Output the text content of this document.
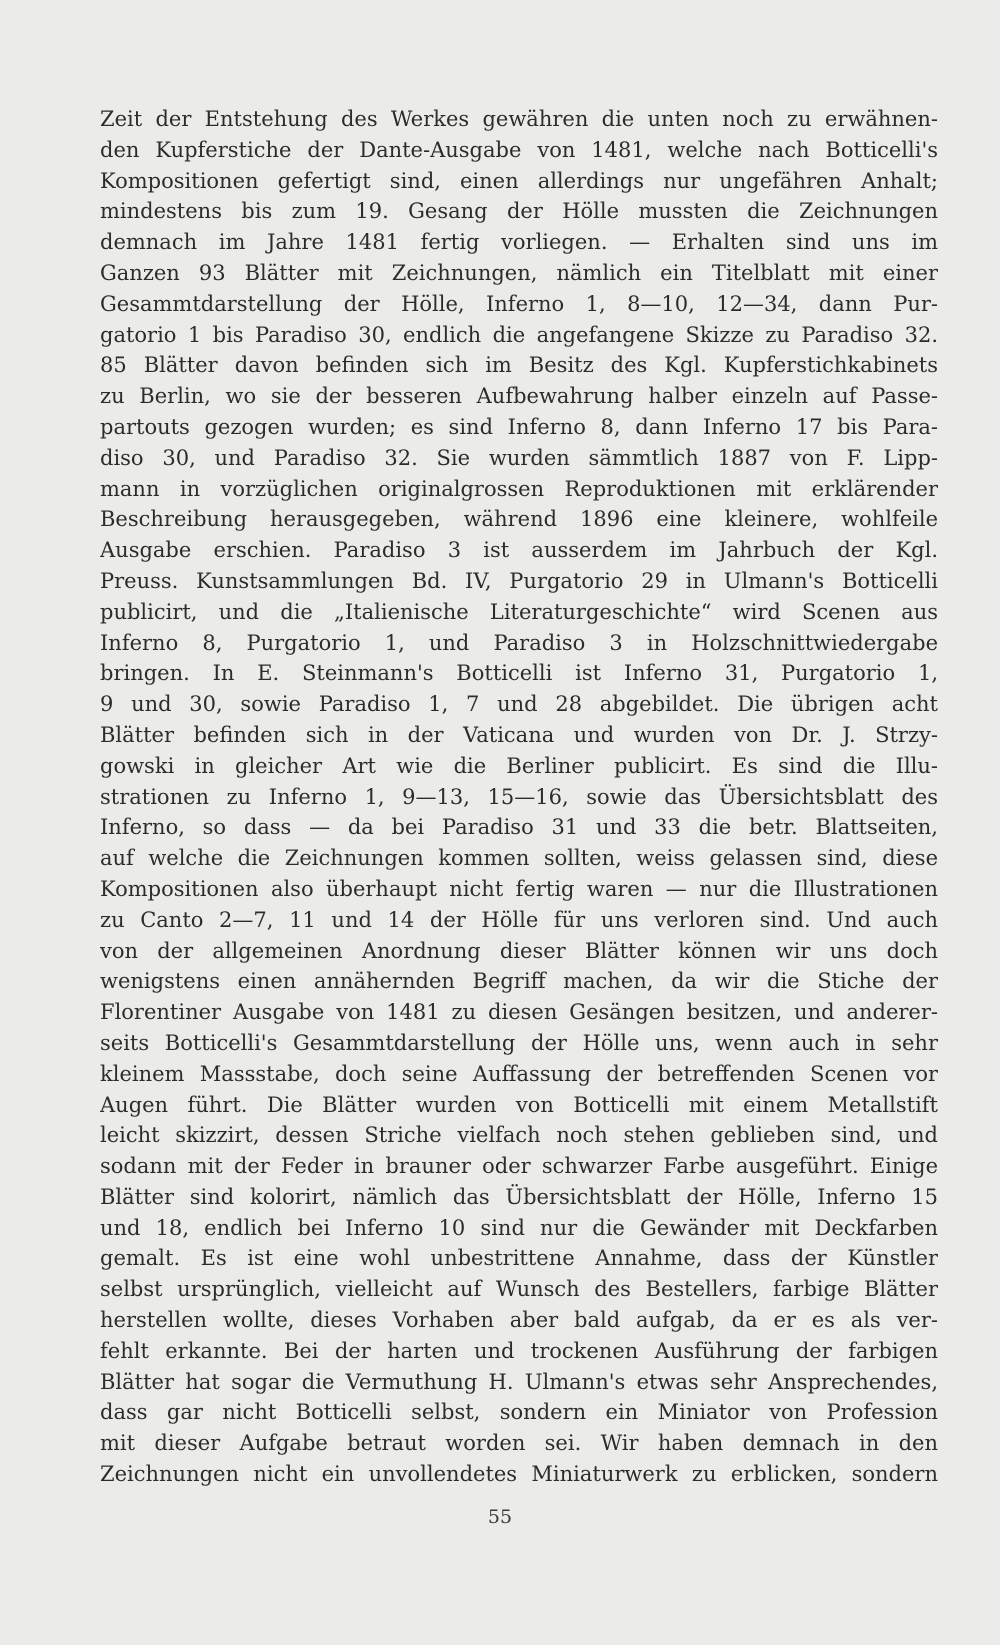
Zeit der Entstehung des Werkes gewähren die unten noch zu erwähnen-
den Kupferstiche der Dante-Ausgabe von 1481, welche nach Botticelli's
Kompositionen gefertigt sind, einen allerdings nur ungefähren Anhalt;
mindestens bis zum 19. Gesang der Hölle mussten die Zeichnungen
demnach im Jahre 1481 fertig vorliegen. — Erhalten sind uns im
Ganzen 93 Blätter mit Zeichnungen, nämlich ein Titelblatt mit einer
Gesammtdarstellung der Hölle, Inferno 1, 8—10, 12—34, dann Pur-
gatorio 1 bis Paradiso 30, endlich die angefangene Skizze zu Paradiso 32.
85 Blätter davon befinden sich im Besitz des Kgl. Kupferstichkabinets
zu Berlin, wo sie der besseren Aufbewahrung halber einzeln auf Passe-
partouts gezogen wurden; es sind Inferno 8, dann Inferno 17 bis Para-
diso 30, und Paradiso 32. Sie wurden sämmtlich 1887 von F. Lipp-
mann in vorzüglichen originalgrossen Reproduktionen mit erklärender
Beschreibung herausgegeben, während 1896 eine kleinere, wohlfeile
Ausgabe erschien. Paradiso 3 ist ausserdem im Jahrbuch der Kgl.
Preuss. Kunstsammlungen Bd. IV, Purgatorio 29 in Ulmann's Botticelli
publicirt, und die „Italienische Literaturgeschichte“ wird Scenen aus
Inferno 8, Purgatorio 1, und Paradiso 3 in Holzschnittwiedergabe
bringen. In E. Steinmann's Botticelli ist Inferno 31, Purgatorio 1,
9 und 30, sowie Paradiso 1, 7 und 28 abgebildet. Die übrigen acht
Blätter befinden sich in der Vaticana und wurden von Dr. J. Strzy-
gowski in gleicher Art wie die Berliner publicirt. Es sind die Illu-
strationen zu Inferno 1, 9—13, 15—16, sowie das Übersichtsblatt des
Inferno, so dass — da bei Paradiso 31 und 33 die betr. Blattseiten,
auf welche die Zeichnungen kommen sollten, weiss gelassen sind, diese
Kompositionen also überhaupt nicht fertig waren — nur die Illustrationen
zu Canto 2—7, 11 und 14 der Hölle für uns verloren sind. Und auch
von der allgemeinen Anordnung dieser Blätter können wir uns doch
wenigstens einen annähernden Begriff machen, da wir die Stiche der
Florentiner Ausgabe von 1481 zu diesen Gesängen besitzen, und anderer-
seits Botticelli's Gesammtdarstellung der Hölle uns, wenn auch in sehr
kleinem Massstabe, doch seine Auffassung der betreffenden Scenen vor
Augen führt. Die Blätter wurden von Botticelli mit einem Metallstift
leicht skizzirt, dessen Striche vielfach noch stehen geblieben sind, und
sodann mit der Feder in brauner oder schwarzer Farbe ausgeführt. Einige
Blätter sind kolorirt, nämlich das Übersichtsblatt der Hölle, Inferno 15
und 18, endlich bei Inferno 10 sind nur die Gewänder mit Deckfarben
gemalt. Es ist eine wohl unbestrittene Annahme, dass der Künstler
selbst ursprünglich, vielleicht auf Wunsch des Bestellers, farbige Blätter
herstellen wollte, dieses Vorhaben aber bald aufgab, da er es als ver-
fehlt erkannte. Bei der harten und trockenen Ausführung der farbigen
Blätter hat sogar die Vermuthung H. Ulmann's etwas sehr Ansprechendes,
dass gar nicht Botticelli selbst, sondern ein Miniator von Profession
mit dieser Aufgabe betraut worden sei. Wir haben demnach in den
Zeichnungen nicht ein unvollendetes Miniaturwerk zu erblicken, sondern
55
